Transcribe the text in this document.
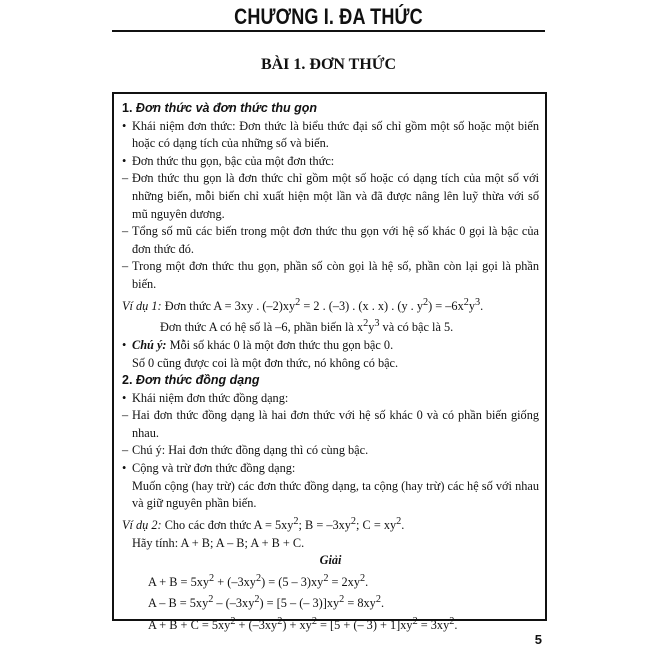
CHƯƠNG I. ĐA THỨC
BÀI 1. ĐƠN THỨC

1. Đơn thức và đơn thức thu gọn

• Khái niệm đơn thức: Đơn thức là biểu thức đại số chỉ gồm một số hoặc một biến hoặc có dạng tích của những số và biến.
• Đơn thức thu gọn, bậc của một đơn thức:
– Đơn thức thu gọn là đơn thức chỉ gồm một số hoặc có dạng tích của một số với những biến, mỗi biến chỉ xuất hiện một lần và đã được nâng lên luỹ thừa với số mũ nguyên dương.
– Tổng số mũ các biến trong một đơn thức thu gọn với hệ số khác 0 gọi là bậc của đơn thức đó.
– Trong một đơn thức thu gọn, phần số còn gọi là hệ số, phần còn lại gọi là phần biến.

Ví dụ 1: Đơn thức A = 3xy . $(-2)xy^2 = 2$ . (–3) . (x . x) . (y . $y^2) = -6x^2y^3$.

Đơn thức A có hệ số là –6, phần biến là $x^2y^3$ và có bậc là 5.

• Chú ý: Mỗi số khác 0 là một đơn thức thu gọn bậc 0.

Số 0 cũng được coi là một đơn thức, nó không có bậc.

2. Đơn thức đồng dạng

• Khái niệm đơn thức đồng dạng:
– Hai đơn thức đồng dạng là hai đơn thức với hệ số khác 0 và có phần biến giống nhau.
– Chú ý: Hai đơn thức đồng dạng thì có cùng bậc.
• Cộng và trừ đơn thức đồng dạng:

Muốn cộng (hay trừ) các đơn thức đồng dạng, ta cộng (hay trừ) các hệ số với nhau và giữ nguyên phần biến.

Ví dụ 2: Cho các đơn thức $A = 5xy^2$; $B = -3xy^2$; $C = xy^2$.

Hãy tính: A + B; A – B; A + B + C.

Giải

$A + B = 5xy^2 + (-3xy^2) = (5 - 3)xy^2 = 2xy^2$.

$A - B = 5xy^2 - (-3xy^2) = [5$ – (– $3)]xy^2 = 8xy^2$.

$A + B + C = 5xy^2 + (-3xy^2) + xy^2 = [5$ + (– $3) + 1]xy^2 = 3xy^2$.

5
